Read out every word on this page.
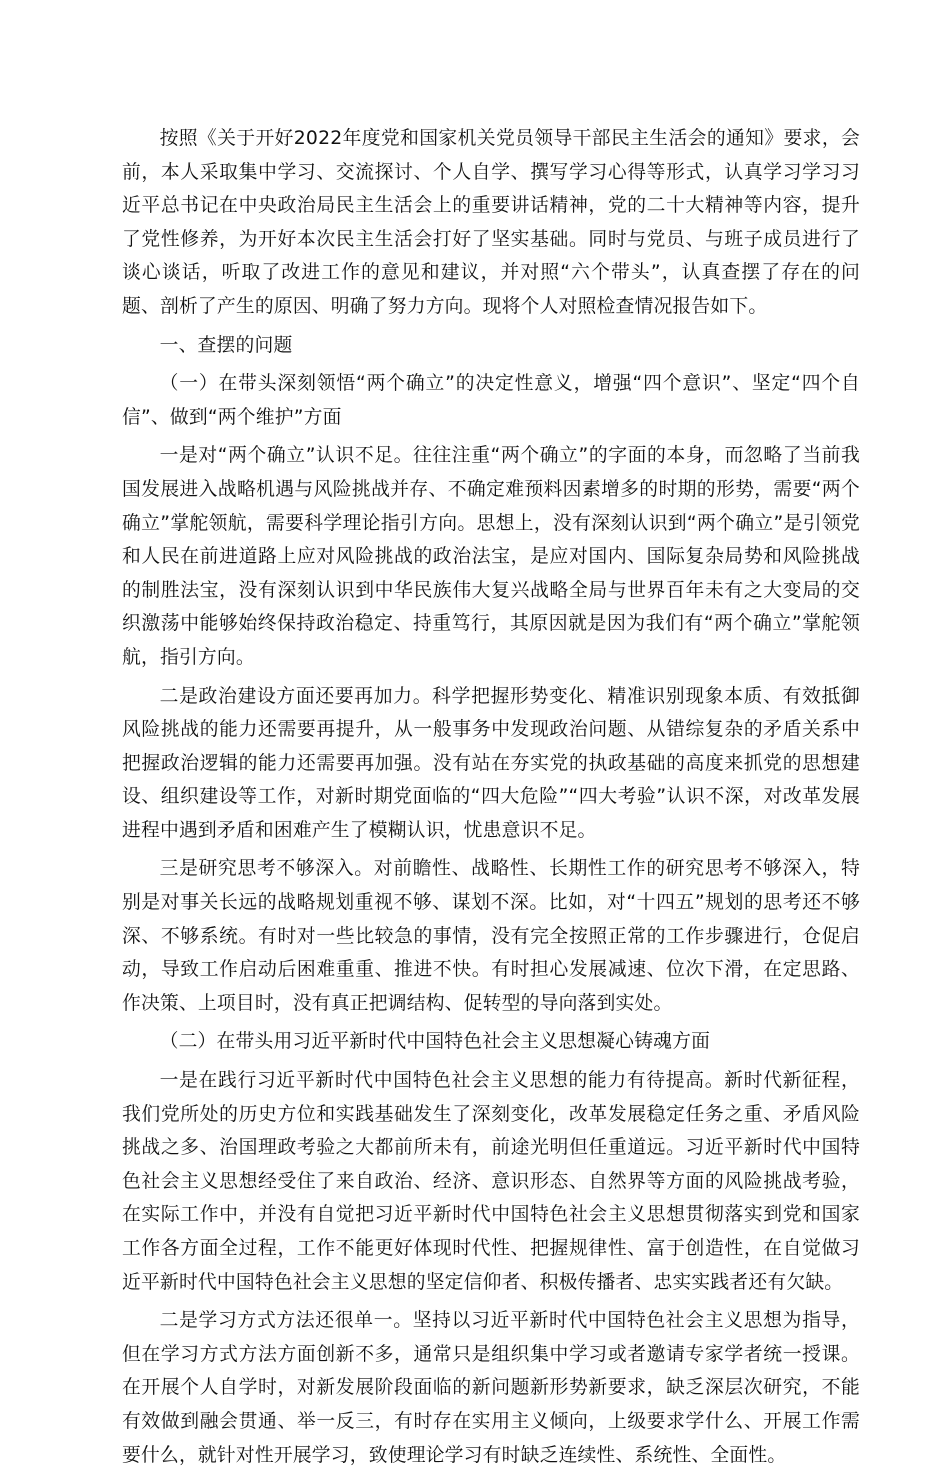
按照《关于开好2022年度党和国家机关党员领导干部民主生活会的通知》要求，会前，本人采取集中学习、交流探讨、个人自学、撰写学习心得等形式，认真学习学习习近平总书记在中央政治局民主生活会上的重要讲话精神，党的二十大精神等内容，提升了党性修养，为开好本次民主生活会打好了坚实基础。同时与党员、与班子成员进行了谈心谈话，听取了改进工作的意见和建议，并对照“六个带头”，认真查摆了存在的问题、剖析了产生的原因、明确了努力方向。现将个人对照检查情况报告如下。

一、查摆的问题

（一）在带头深刻领悟“两个确立”的决定性意义，增强“四个意识”、坚定“四个自信”、做到“两个维护”方面

一是对“两个确立”认识不足。往往注重“两个确立”的字面的本身，而忽略了当前我国发展进入战略机遇与风险挑战并存、不确定难预料因素增多的时期的形势，需要“两个确立”掌舵领航，需要科学理论指引方向。思想上，没有深刻认识到“两个确立”是引领党和人民在前进道路上应对风险挑战的政治法宝，是应对国内、国际复杂局势和风险挑战的制胜法宝，没有深刻认识到中华民族伟大复兴战略全局与世界百年未有之大变局的交织激荡中能够始终保持政治稳定、持重笃行，其原因就是因为我们有“两个确立”掌舵领航，指引方向。

二是政治建设方面还要再加力。科学把握形势变化、精准识别现象本质、有效抵御风险挑战的能力还需要再提升，从一般事务中发现政治问题、从错综复杂的矛盾关系中把握政治逻辑的能力还需要再加强。没有站在夯实党的执政基础的高度来抓党的思想建设、组织建设等工作，对新时期党面临的“四大危险”“四大考验”认识不深，对改革发展进程中遇到矛盾和困难产生了模糊认识，忧患意识不足。

三是研究思考不够深入。对前瞻性、战略性、长期性工作的研究思考不够深入，特别是对事关长远的战略规划重视不够、谋划不深。比如，对“十四五”规划的思考还不够深、不够系统。有时对一些比较急的事情，没有完全按照正常的工作步骤进行，仓促启动，导致工作启动后困难重重、推进不快。有时担心发展减速、位次下滑，在定思路、作决策、上项目时，没有真正把调结构、促转型的导向落到实处。

（二）在带头用习近平新时代中国特色社会主义思想凝心铸魂方面

一是在践行习近平新时代中国特色社会主义思想的能力有待提高。新时代新征程，我们党所处的历史方位和实践基础发生了深刻变化，改革发展稳定任务之重、矛盾风险挑战之多、治国理政考验之大都前所未有，前途光明但任重道远。习近平新时代中国特色社会主义思想经受住了来自政治、经济、意识形态、自然界等方面的风险挑战考验，在实际工作中，并没有自觉把习近平新时代中国特色社会主义思想贯彻落实到党和国家工作各方面全过程，工作不能更好体现时代性、把握规律性、富于创造性，在自觉做习近平新时代中国特色社会主义思想的坚定信仰者、积极传播者、忠实实践者还有欠缺。

二是学习方式方法还很单一。坚持以习近平新时代中国特色社会主义思想为指导，但在学习方式方法方面创新不多，通常只是组织集中学习或者邀请专家学者统一授课。在开展个人自学时，对新发展阶段面临的新问题新形势新要求，缺乏深层次研究，不能有效做到融会贯通、举一反三，有时存在实用主义倾向，上级要求学什么、开展工作需要什么，就针对性开展学习，致使理论学习有时缺乏连续性、系统性、全面性。
